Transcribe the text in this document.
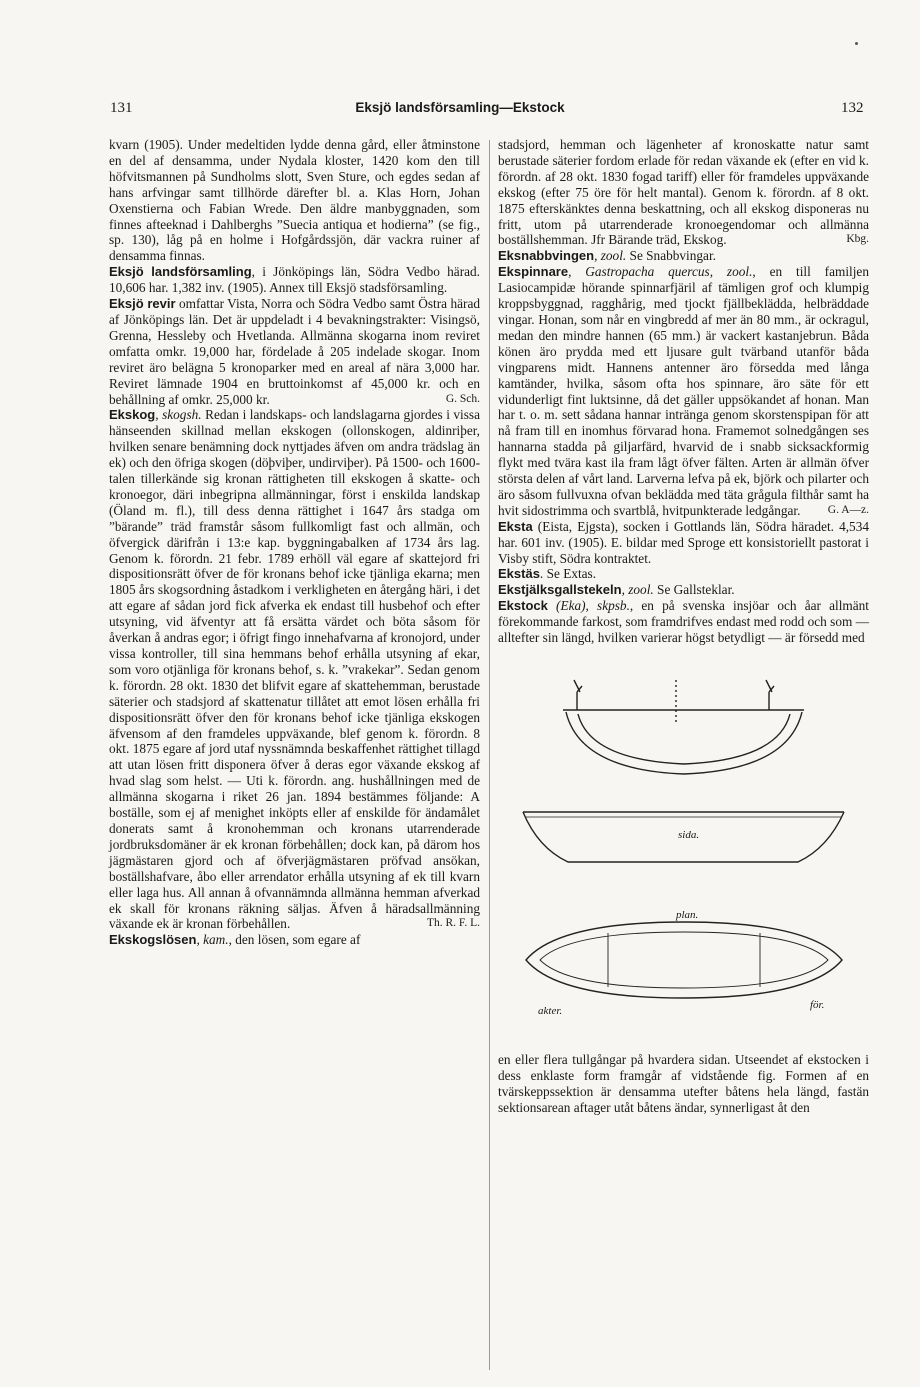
131	Eksjö landsförsamling—Ekstock	132

kvarn (1905). Under medeltiden lydde denna gård, eller åtminstone en del af densamma, under Nydala kloster, 1420 kom den till höfvitsmannen på Sundholms slott, Sven Sture, och egdes sedan af hans arfvingar samt tillhörde därefter bl. a. Klas Horn, Johan Oxenstierna och Fabian Wrede. Den äldre manbyggnaden, som finnes afteeknad i Dahlberghs ”Suecia antiqua et hodierna” (se fig., sp. 130), låg på en holme i Hofgårdssjön, där vackra ruiner af densamma finnas.

Eksjö landsförsamling, i Jönköpings län, Södra Vedbo härad. 10,606 har. 1,382 inv. (1905). Annex till Eksjö stadsförsamling.

Eksjö revir omfattar Vista, Norra och Södra Vedbo samt Östra härad af Jönköpings län. Det är uppdeladt i 4 bevakningstrakter: Visingsö, Grenna, Hessleby och Hvetlanda. Allmänna skogarna inom reviret omfatta omkr. 19,000 har, fördelade å 205 indelade skogar. Inom reviret äro belägna 5 kronoparker med en areal af nära 3,000 har. Reviret lämnade 1904 en bruttoinkomst af 45,000 kr. och en behållning af omkr. 25,000 kr.	G. Sch.

Ekskog, skogsh. Redan i landskaps- och landslagarna gjordes i vissa hänseenden skillnad mellan ekskogen (ollonskogen, aldinriþer, hvilken senare benämning dock nyttjades äfven om andra trädslag än ek) och den öfriga skogen (döþviþer, undirviþer). På 1500- och 1600-talen tillerkände sig kronan rättigheten till ekskogen å skatte- och kronoegor, däri inbegripna allmänningar, först i enskilda landskap (Öland m. fl.), till dess denna rättighet i 1647 års stadga om ”bärande” träd framstår såsom fullkomligt fast och allmän, och öfvergick därifrån i 13:e kap. byggningabalken af 1734 års lag. Genom k. förordn. 21 febr. 1789 erhöll väl egare af skattejord fri dispositionsrätt öfver de för kronans behof icke tjänliga ekarna; men 1805 års skogsordning åstadkom i verkligheten en återgång häri, i det att egare af sådan jord fick afverka ek endast till husbehof och efter utsyning, vid äfventyr att få ersätta värdet och böta såsom för åverkan å andras egor; i öfrigt fingo innehafvarna af kronojord, under vissa kontroller, till sina hemmans behof erhålla utsyning af ekar, som voro otjänliga för kronans behof, s. k. ”vrakekar”. Sedan genom k. förordn. 28 okt. 1830 det blifvit egare af skattehemman, berustade säterier och stadsjord af skattenatur tillåtet att emot lösen erhålla fri dispositionsrätt öfver den för kronans behof icke tjänliga ekskogen äfvensom af den framdeles uppväxande, blef genom k. förordn. 8 okt. 1875 egare af jord utaf nyssnämnda beskaffenhet rättighet tillagd att utan lösen fritt disponera öfver å deras egor växande ekskog af hvad slag som helst. — Uti k. förordn. ang. hushållningen med de allmänna skogarna i riket 26 jan. 1894 bestämmes följande: A boställe, som ej af menighet inköpts eller af enskilde för ändamålet donerats samt å kronohemman och kronans utarrenderade jordbruksdomäner är ek kronan förbehållen; dock kan, på därom hos jägmästaren gjord och af öfverjägmästaren pröfvad ansökan, boställshafvare, åbo eller arrendator erhålla utsyning af ek till kvarn eller laga hus. All annan å ofvannämnda allmänna hemman afverkad ek skall för kronans räkning säljas. Äfven å häradsallmänning växande ek är kronan förbehållen.	Th. R. F. L.

Ekskogslösen, kam., den lösen, som egare af

stadsjord, hemman och lägenheter af kronoskatte natur samt berustade säterier fordom erlade för redan växande ek (efter en vid k. förordn. af 28 okt. 1830 fogad tariff) eller för framdeles uppväxande ekskog (efter 75 öre för helt mantal). Genom k. förordn. af 8 okt. 1875 efterskänktes denna beskattning, och all ekskog disponeras nu fritt, utom på utarrenderade kronoegendomar och allmänna boställshemman. Jfr Bärande träd, Ekskog.	Kbg.

Eksnabbvingen, zool. Se Snabbvingar.

Ekspinnare, Gastropacha quercus, zool., en till familjen Lasiocampidæ hörande spinnarfjäril af tämligen grof och klumpig kroppsbyggnad, ragghårig, med tjockt fjällbeklädda, helbräddade vingar. Honan, som når en vingbredd af mer än 80 mm., är ockragul, medan den mindre hannen (65 mm.) är vackert kastanjebrun. Båda könen äro prydda med ett ljusare gult tvärband utanför båda vingparens midt. Hannens antenner äro försedda med långa kamtänder, hvilka, såsom ofta hos spinnare, äro säte för ett vidunderligt fint luktsinne, då det gäller uppsökandet af honan. Man har t. o. m. sett sådana hannar intränga genom skorstenspipan för att nå fram till en inomhus förvarad hona. Framemot solnedgången ses hannarna stadda på giljarfärd, hvarvid de i snabb sicksackformig flykt med tvära kast ila fram lågt öfver fälten. Arten är allmän öfver största delen af vårt land. Larverna lefva på ek, björk och pilarter och äro såsom fullvuxna ofvan beklädda med täta grågula filthår samt ha hvit sidostrimma och svartblå, hvitpunkterade ledgångar. G. A—z.

Eksta (Eista, Ejgsta), socken i Gottlands län, Södra häradet. 4,534 har. 601 inv. (1905). E. bildar med Sproge ett konsistoriellt pastorat i Visby stift, Södra kontraktet.

Ekstäs. Se Extas.

Ekstjälksgallstekeln, zool. Se Gallsteklar.

Ekstock (Eka), skpsb., en på svenska insjöar och åar allmänt förekommande farkost, som framdrifves endast med rodd och som — alltefter sin längd, hvilken varierar högst betydligt — är försedd med

sida.
plan.
akter.	för.

en eller flera tullgångar på hvardera sidan. Utseendet af ekstocken i dess enklaste form framgår af vidstående fig. Formen af en tvärskeppssektion är densamma utefter båtens hela längd, fastän sektionsarean aftager utåt båtens ändar, synnerligast åt den
